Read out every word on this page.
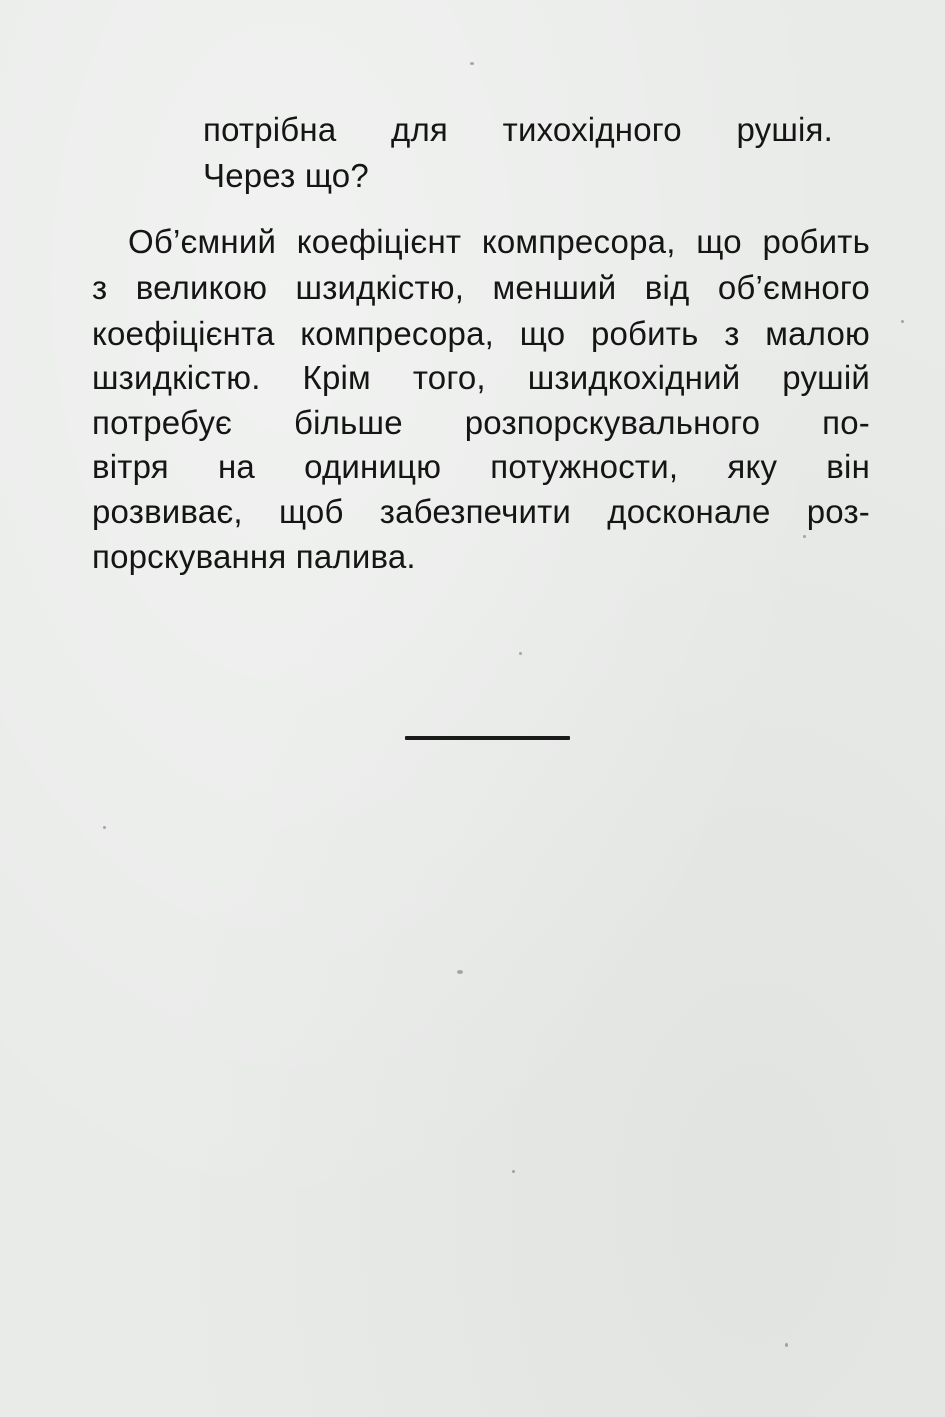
потрібна для тихохідного рушія.
Через що?
Об’ємний коефіцієнт компресора, що робить
з великою шзидкістю, менший від об’ємного
коефіцієнта компресора, що робить з малою
шзидкістю. Крім того, шзидкохідний рушій
потребує більше розпорскувального по-
вітря на одиницю потужности, яку він
розвиває, щоб забезпечити досконале роз-
порскування палива.
